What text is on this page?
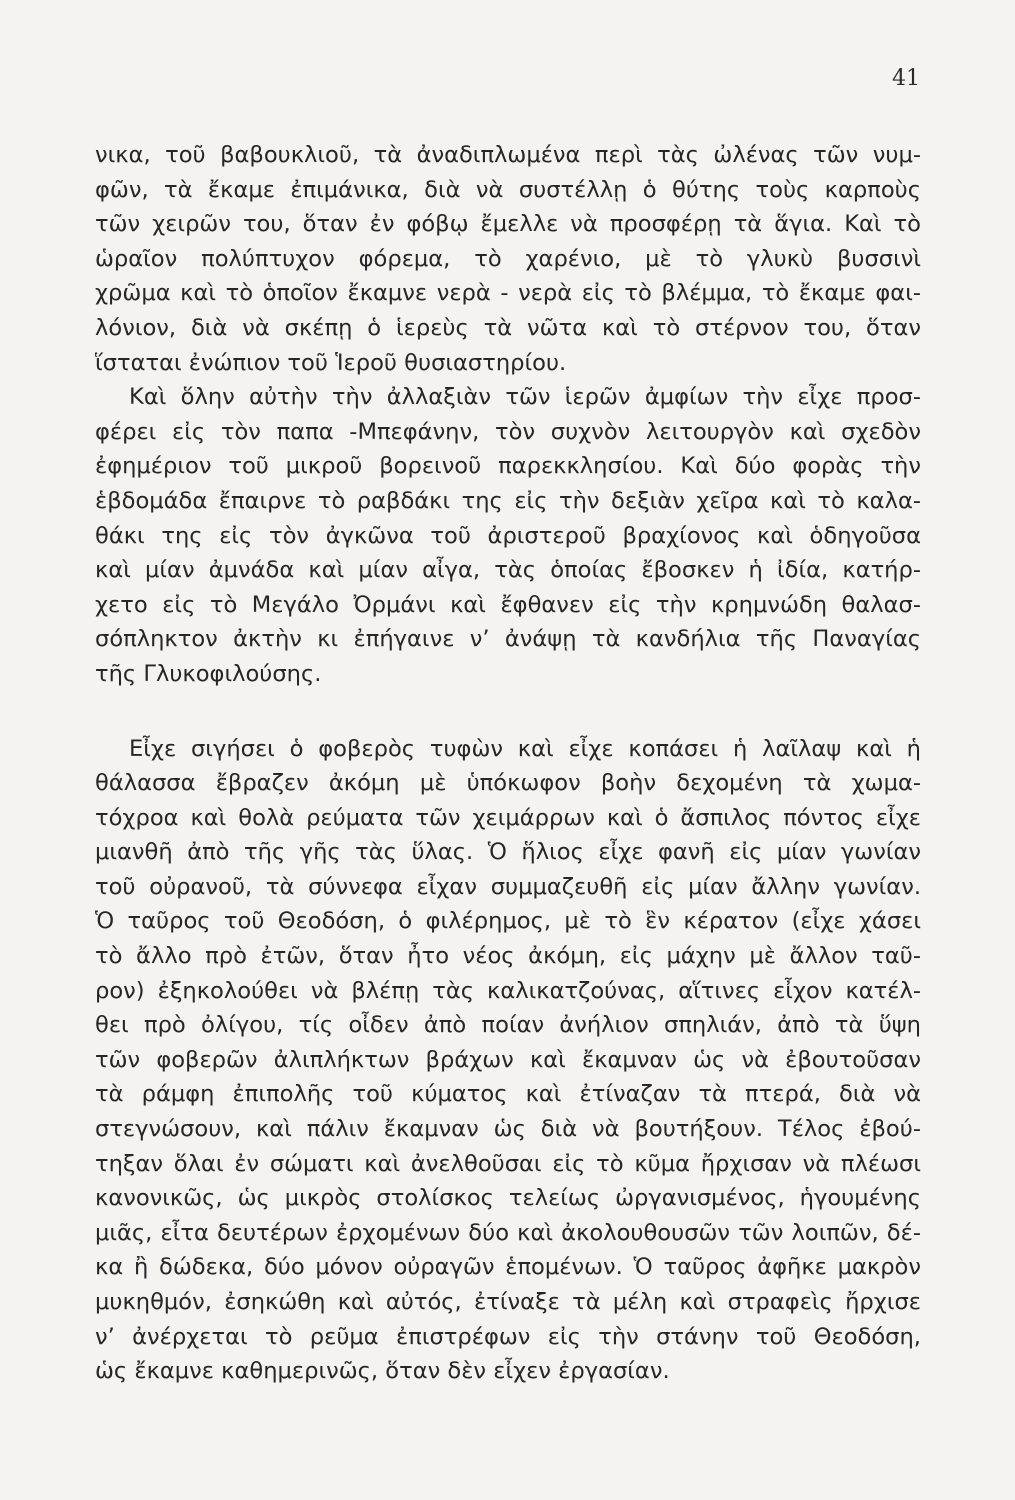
41
νικα, τοῦ βαβουκλιοῦ, τὰ ἀναδιπλωμένα περὶ τὰς ὠλένας τῶν νυμ-
φῶν, τὰ ἔκαμε ἐπιμάνικα, διὰ νὰ συστέλλῃ ὁ θύτης τοὺς καρποὺς
τῶν χειρῶν του, ὅταν ἐν φόβῳ ἔμελλε νὰ προσφέρῃ τὰ ἅγια. Καὶ τὸ
ὡραῖον πολύπτυχον φόρεμα, τὸ χαρένιο, μὲ τὸ γλυκὺ βυσσινὶ
χρῶμα καὶ τὸ ὁποῖον ἔκαμνε νερὰ - νερὰ εἰς τὸ βλέμμα, τὸ ἔκαμε φαι-
λόνιον, διὰ νὰ σκέπῃ ὁ ἱερεὺς τὰ νῶτα καὶ τὸ στέρνον του, ὅταν
ἵσταται ἐνώπιον τοῦ Ἱεροῦ θυσιαστηρίου.
Καὶ ὅλην αὐτὴν τὴν ἀλλαξιὰν τῶν ἱερῶν ἀμφίων τὴν εἶχε προσ-
φέρει εἰς τὸν παπα -Μπεφάνην, τὸν συχνὸν λειτουργὸν καὶ σχεδὸν
ἐφημέριον τοῦ μικροῦ βορεινοῦ παρεκκλησίου. Καὶ δύο φορὰς τὴν
ἑβδομάδα ἔπαιρνε τὸ ραβδάκι της εἰς τὴν δεξιὰν χεῖρα καὶ τὸ καλα-
θάκι της εἰς τὸν ἀγκῶνα τοῦ ἀριστεροῦ βραχίονος καὶ ὁδηγοῦσα
καὶ μίαν ἀμνάδα καὶ μίαν αἶγα, τὰς ὁποίας ἔβοσκεν ἡ ἰδία, κατήρ-
χετο εἰς τὸ Μεγάλο Ὀρμάνι καὶ ἔφθανεν εἰς τὴν κρημνώδη θαλασ-
σόπληκτον ἀκτὴν κι ἐπήγαινε ν’ ἀνάψῃ τὰ κανδήλια τῆς Παναγίας
τῆς Γλυκοφιλούσης.
Εἶχε σιγήσει ὁ φοβερὸς τυφὼν καὶ εἶχε κοπάσει ἡ λαῖλαψ καὶ ἡ
θάλασσα ἔβραζεν ἀκόμη μὲ ὑπόκωφον βοὴν δεχομένη τὰ χωμα-
τόχροα καὶ θολὰ ρεύματα τῶν χειμάρρων καὶ ὁ ἄσπιλος πόντος εἶχε
μιανθῆ ἀπὸ τῆς γῆς τὰς ὕλας. Ὁ ἥλιος εἶχε φανῆ εἰς μίαν γωνίαν
τοῦ οὐρανοῦ, τὰ σύννεφα εἶχαν συμμαζευθῆ εἰς μίαν ἄλλην γωνίαν.
Ὁ ταῦρος τοῦ Θεοδόση, ὁ φιλέρημος, μὲ τὸ ἓν κέρατον (εἶχε χάσει
τὸ ἄλλο πρὸ ἐτῶν, ὅταν ἦτο νέος ἀκόμη, εἰς μάχην μὲ ἄλλον ταῦ-
ρον) ἐξηκολούθει νὰ βλέπῃ τὰς καλικατζούνας, αἵτινες εἶχον κατέλ-
θει πρὸ ὀλίγου, τίς οἶδεν ἀπὸ ποίαν ἀνήλιον σπηλιάν, ἀπὸ τὰ ὕψη
τῶν φοβερῶν ἀλιπλήκτων βράχων καὶ ἔκαμναν ὡς νὰ ἐβουτοῦσαν
τὰ ράμφη ἐπιπολῆς τοῦ κύματος καὶ ἐτίναζαν τὰ πτερά, διὰ νὰ
στεγνώσουν, καὶ πάλιν ἔκαμναν ὡς διὰ νὰ βουτήξουν. Τέλος ἐβού-
τηξαν ὅλαι ἐν σώματι καὶ ἀνελθοῦσαι εἰς τὸ κῦμα ἤρχισαν νὰ πλέωσι
κανονικῶς, ὡς μικρὸς στολίσκος τελείως ὠργανισμένος, ἡγουμένης
μιᾶς, εἶτα δευτέρων ἐρχομένων δύο καὶ ἀκολουθουσῶν τῶν λοιπῶν, δέ-
κα ἢ δώδεκα, δύο μόνον οὐραγῶν ἑπομένων. Ὁ ταῦρος ἀφῆκε μακρὸν
μυκηθμόν, ἐσηκώθη καὶ αὐτός, ἐτίναξε τὰ μέλη καὶ στραφεὶς ἤρχισε
ν’ ἀνέρχεται τὸ ρεῦμα ἐπιστρέφων εἰς τὴν στάνην τοῦ Θεοδόση,
ὡς ἔκαμνε καθημερινῶς, ὅταν δὲν εἶχεν ἐργασίαν.
